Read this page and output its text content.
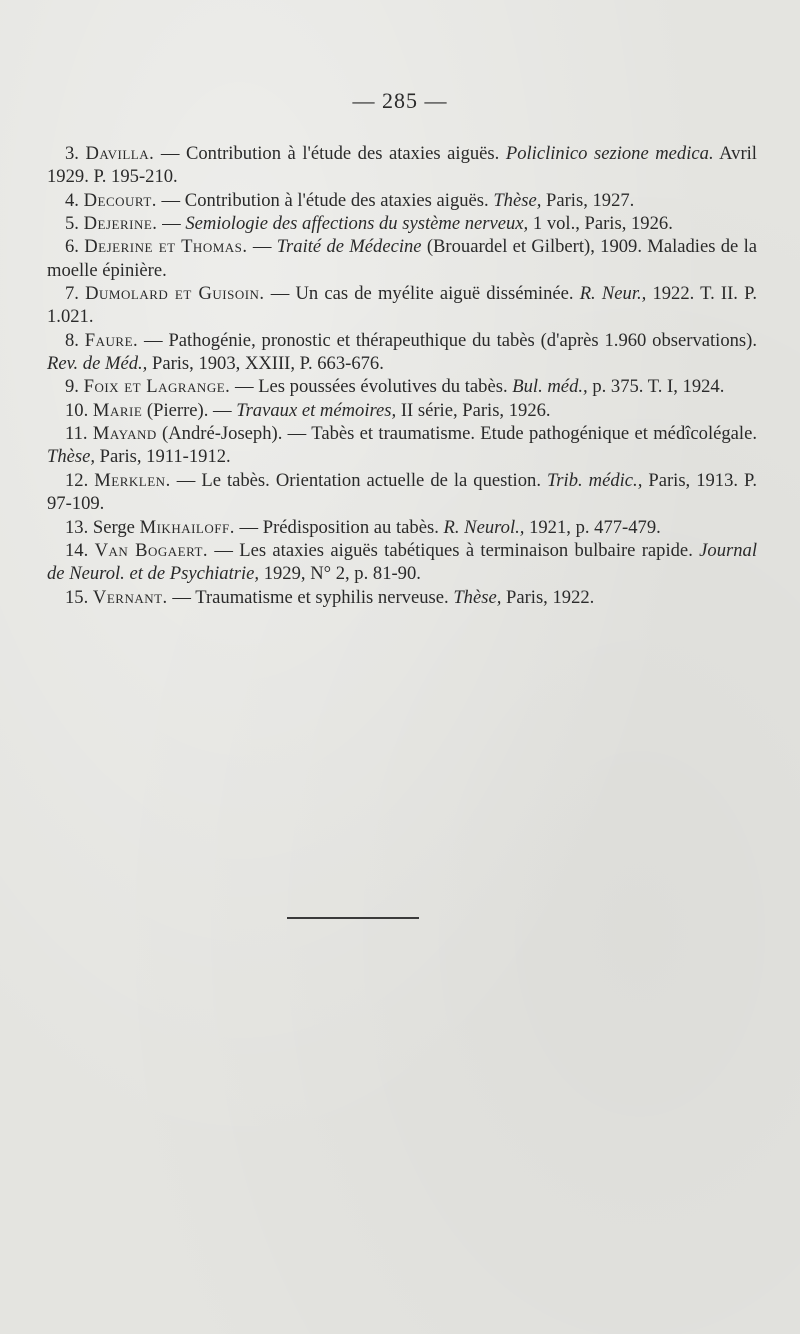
— 285 —

3. Davilla. — Contribution à l'étude des ataxies aiguës. Policlinico sezione medica. Avril 1929. P. 195-210.

4. Decourt. — Contribution à l'étude des ataxies aiguës. Thèse, Paris, 1927.

5. Dejerine. — Semiologie des affections du système nerveux, 1 vol., Paris, 1926.

6. Dejerine et Thomas. — Traité de Médecine (Brouardel et Gilbert), 1909. Maladies de la moelle épinière.

7. Dumolard et Guisoin. — Un cas de myélite aiguë disséminée. R. Neur., 1922. T. II. P. 1.021.

8. Faure. — Pathogénie, pronostic et thérapeuthique du tabès (d'après 1.960 observations). Rev. de Méd., Paris, 1903, XXIII, P. 663-676.

9. Foix et Lagrange. — Les poussées évolutives du tabès. Bul. méd., p. 375. T. I, 1924.

10. Marie (Pierre). — Travaux et mémoires, II série, Paris, 1926.

11. Mayand (André-Joseph). — Tabès et traumatisme. Etude pathogénique et médîcolégale. Thèse, Paris, 1911-1912.

12. Merklen. — Le tabès. Orientation actuelle de la question. Trib. médic., Paris, 1913. P. 97-109.

13. Serge Mikhailoff. — Prédisposition au tabès. R. Neurol., 1921, p. 477-479.

14. Van Bogaert. — Les ataxies aiguës tabétiques à terminaison bulbaire rapide. Journal de Neurol. et de Psychiatrie, 1929, N° 2, p. 81-90.

15. Vernant. — Traumatisme et syphilis nerveuse. Thèse, Paris, 1922.
